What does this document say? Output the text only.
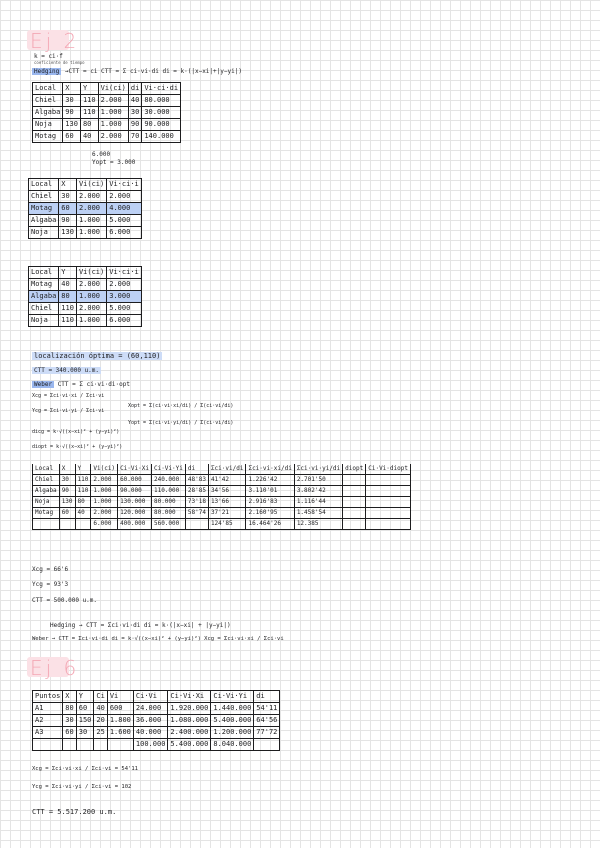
Ej 2
k = ci·f
coeficiente de tiempo
Hedging →CTT = ci CTT = Σ ci·vi·di di = k·(|x−xi|+|y−yi|)
Local	X	Y	Vi(ci)	di	Vi·ci·di
Chiel	30	110	2.000	40	80.000
Algaba	90	110	1.000	30	30.000
Noja	130	80	1.000	90	90.000
Motag	60	40	2.000	70	140.000
6.000
Yopt = 3.000
Local	X	Vi(ci)	Vi·ci·i
Chiel	30	2.000	2.000
Motag	60	2.000	4.000
Algaba	90	1.000	5.000
Noja	130	1.000	6.000
Local	Y	Vi(ci)	Vi·ci·i
Motag	40	2.000	2.000
Algaba	80	1.000	3.000
Chiel	110	2.000	5.000
Noja	110	1.000	6.000
localización óptima = (60,110)
CTT = 340.000 u.m.
Weber CTT = Σ ci·vi·di·opt
Xcg = Σci·vi·xi / Σci·vi
Ycg = Σci·vi·yi / Σci·vi
Xopt = Σ(ci·vi·xi/di) / Σ(ci·vi/di)
Yopt = Σ(ci·vi·yi/di) / Σ(ci·vi/di)
dicg = k·√((x−xi)² + (y−yi)²)
diopt = k·√((x−xi)² + (y−yi)²)
Local	X	Y	Vi(ci)	Ci·Vi·Xi	Ci·Vi·Yi	di	Σci·vi/di	Σci·vi·xi/di	Σci·vi·yi/di	diopt	Ci·Vi·diopt
Chiel	30	110	2.000	60.000	240.000	48'83	41'42	1.226'42	2.701'50		
Algaba	90	110	1.000	90.000	110.000	28'85	34'56	3.110'01	3.802'42		
Noja	130	80	1.000	130.000	80.000	73'18	13'66	2.916'83	1.116'44		
Motag	60	40	2.000	120.000	80.000	58'74	37'21	2.160'95	1.458'54		
			6.000	400.000	560.000		124'85	16.464'26	12.385		
Xcg = 66'6
Ycg = 93'3
CTT = 500.000 u.m.
Hedging → CTT = Σci·vi·di di = k·(|x−xi| + |y−yi|)
Weber → CTT = Σci·vi·di di = k·√((x−xi)² + (y−yi)²) Xcg = Σci·vi·xi / Σci·vi
Ej 6
Puntos	X	Y	Ci	Vi	Ci·Vi	Ci·Vi·Xi	Ci·Vi·Yi	di
A1	80	60	40	600	24.000	1.920.000	1.440.000	54'11
A2	30	150	20	1.800	36.000	1.080.000	5.400.000	64'56
A3	60	30	25	1.600	40.000	2.400.000	1.200.000	77'72
					100.000	5.400.000	8.040.000	
Xcg = Σci·vi·xi / Σci·vi = 54'11
Ycg = Σci·vi·yi / Σci·vi = 102
CTT = 5.517.200 u.m.
